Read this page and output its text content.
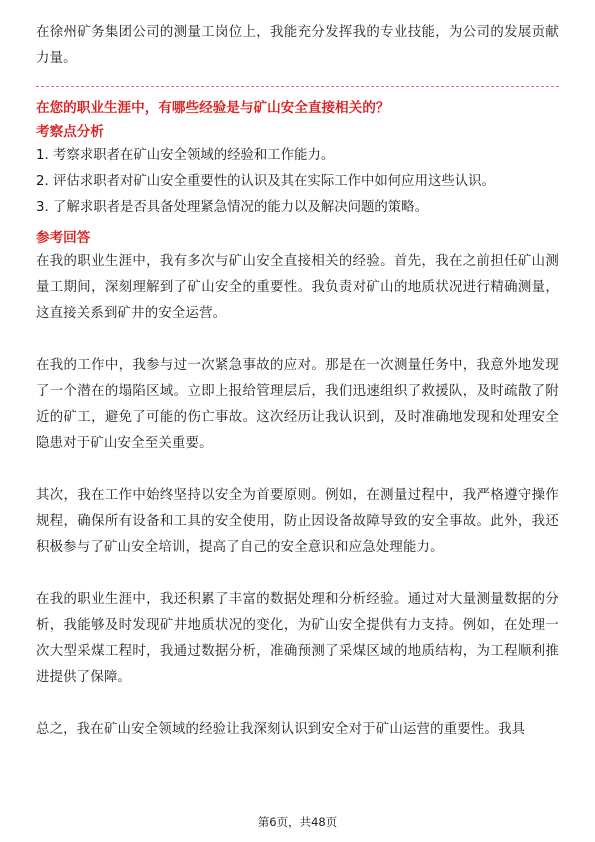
在徐州矿务集团公司的测量工岗位上，我能充分发挥我的专业技能，为公司的发展贡献力量。

在您的职业生涯中，有哪些经验是与矿山安全直接相关的？

考察点分析

1. 考察求职者在矿山安全领域的经验和工作能力。

2. 评估求职者对矿山安全重要性的认识及其在实际工作中如何应用这些认识。

3. 了解求职者是否具备处理紧急情况的能力以及解决问题的策略。

参考回答

在我的职业生涯中，我有多次与矿山安全直接相关的经验。首先，我在之前担任矿山测量工期间，深刻理解到了矿山安全的重要性。我负责对矿山的地质状况进行精确测量，这直接关系到矿井的安全运营。

在我的工作中，我参与过一次紧急事故的应对。那是在一次测量任务中，我意外地发现了一个潜在的塌陷区域。立即上报给管理层后，我们迅速组织了救援队，及时疏散了附近的矿工，避免了可能的伤亡事故。这次经历让我认识到，及时准确地发现和处理安全隐患对于矿山安全至关重要。

其次，我在工作中始终坚持以安全为首要原则。例如，在测量过程中，我严格遵守操作规程，确保所有设备和工具的安全使用，防止因设备故障导致的安全事故。此外，我还积极参与了矿山安全培训，提高了自己的安全意识和应急处理能力。

在我的职业生涯中，我还积累了丰富的数据处理和分析经验。通过对大量测量数据的分析，我能够及时发现矿井地质状况的变化，为矿山安全提供有力支持。例如，在处理一次大型采煤工程时，我通过数据分析，准确预测了采煤区域的地质结构，为工程顺利推进提供了保障。

总之，我在矿山安全领域的经验让我深刻认识到安全对于矿山运营的重要性。我具

第6页，共48页
